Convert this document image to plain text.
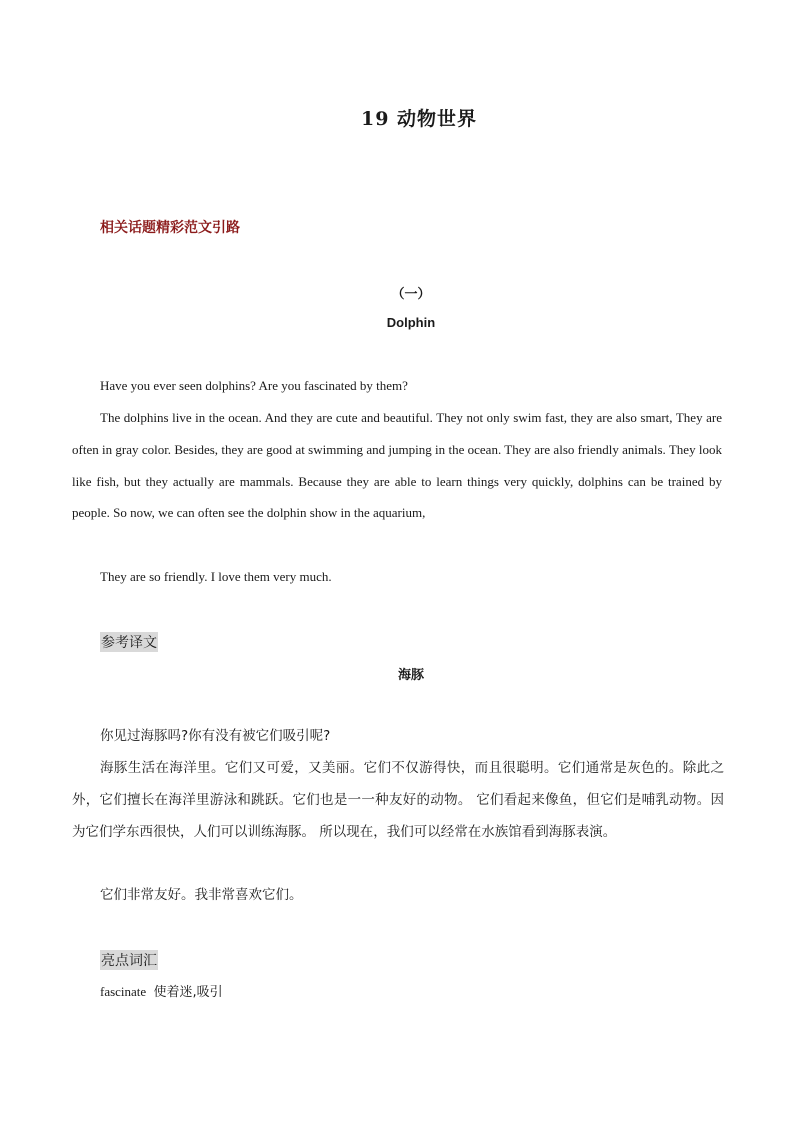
19 动物世界
相关话题精彩范文引路
（一）
Dolphin
Have you ever seen dolphins? Are you fascinated by them?
The dolphins live in the ocean. And they are cute and beautiful. They not only swim fast, they are also smart, They are often in gray color. Besides, they are good at swimming and jumping in the ocean. They are also friendly animals. They look like fish, but they actually are mammals. Because they are able to learn things very quickly, dolphins can be trained by people. So now, we can often see the dolphin show in the aquarium,
They are so friendly. I love them very much.
参考译文
海豚
你见过海豚吗?你有没有被它们吸引呢?
海豚生活在海洋里。它们又可爱，又美丽。它们不仅游得快，而且很聪明。它们通常是灰色的。除此之外，它们擅长在海洋里游泳和跳跃。它们也是一一种友好的动物。 它们看起来像鱼，但它们是哺乳动物。因为它们学东西很快，人们可以训练海豚。 所以现在，我们可以经常在水族馆看到海豚表演。
它们非常友好。我非常喜欢它们。
亮点词汇
fascinate 使着迷,吸引
